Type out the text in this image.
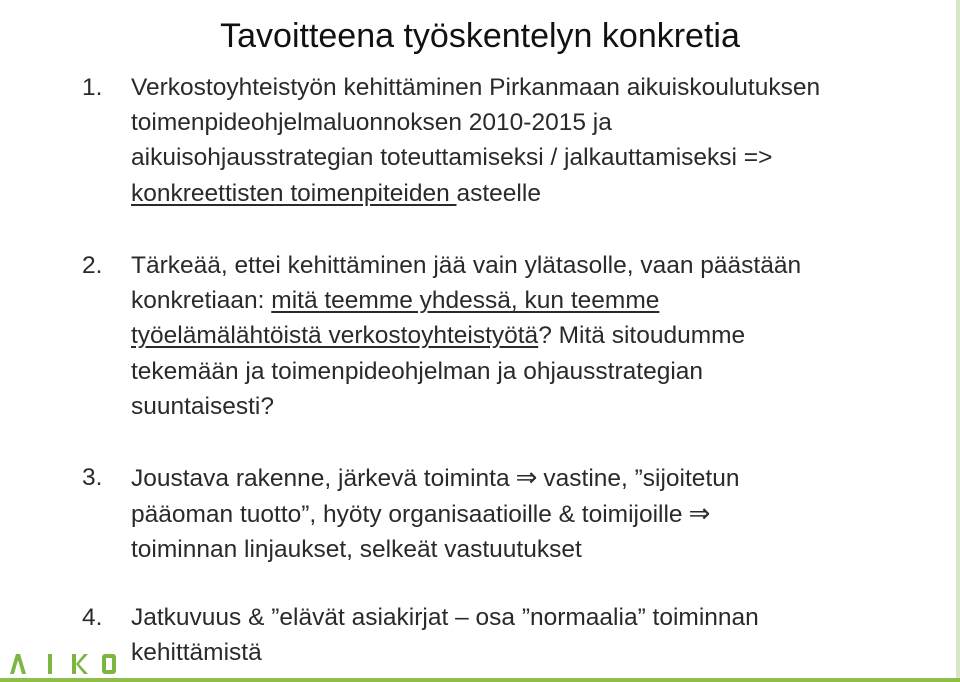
Tavoitteena työskentelyn konkretia
1. Verkostoyhteistyön kehittäminen Pirkanmaan aikuiskoulutuksen
toimenpideohjelmaluonnoksen 2010-2015 ja
aikuisohjausstrategian toteuttamiseksi / jalkauttamiseksi =>
konkreettisten toimenpiteiden asteelle
2. Tärkeää, ettei kehittäminen jää vain ylätasolle, vaan päästään
konkretiaan: mitä teemme yhdessä, kun teemme
työelämälähtöistä verkostoyhteistyötä? Mitä sitoudumme
tekemään ja toimenpideohjelman ja ohjausstrategian
suuntaisesti?
3. Joustava rakenne, järkevä toiminta ⇒ vastine, ”sijoitetun
pääoman tuotto”, hyöty organisaatioille & toimijoille ⇒
toiminnan linjaukset, selkeät vastuutukset
4. Jatkuvuus & ”elävät asiakirjat – osa ”normaalia” toiminnan
kehittämistä
